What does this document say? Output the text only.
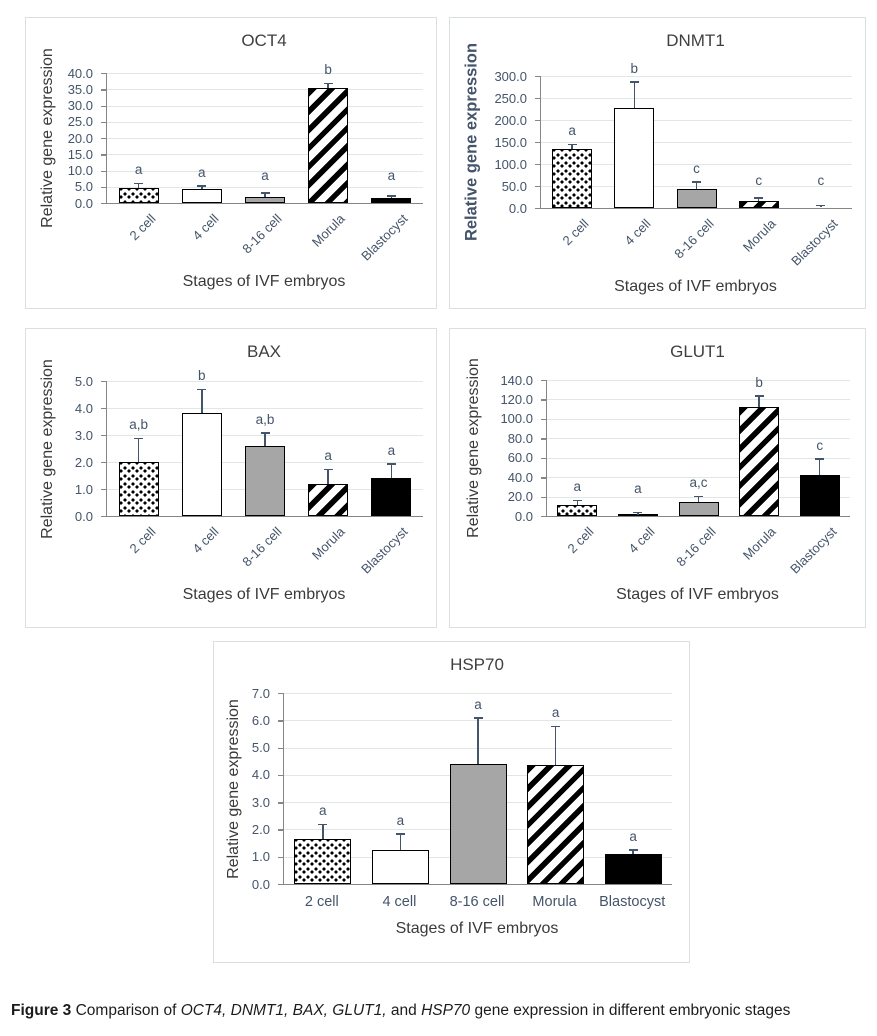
OCT4
Relative gene expression	a	a	a
b
a
40.0
35.0
30.0
25.0
20.0
15.0
10.0
5.0
0.0
2 cell	4 cell	8-16 cell	Morula Blastocyst
Stages of IVF embryos
DNMT1
Relative gene expression	a
b
c
c	c
300.0
250.0
200.0
150.0
100.0
50.0
0.0
2 cell	4 cell	8-16 cell	Morula Blastocyst
Stages of IVF embryos
BAX
Relative gene expression	a,b
b
a,b
a	a
5.0
4.0
3.0
2.0
1.0
0.0
2 cell	4 cell	8-16 cell	Morula Blastocyst
Stages of IVF embryos
GLUT1
Relative gene expression	a	a	a,c
b
c
140.0
120.0
100.0
80.0
60.0
40.0
20.0
0.0
2 cell	4 cell	8-16 cell	Morula Blastocyst
Stages of IVF embryos
HSP70
Relative gene expression	a
a
a
a
a
7.0
6.0
5.0
4.0
3.0
2.0
1.0
0.0
2 cell	4 cell 8-16 cell Morula Blastocyst
Stages of IVF embryos

Figure 3 Comparison of OCT4, DNMT1, BAX, GLUT1, and HSP70 gene expression in different embryonic stages
